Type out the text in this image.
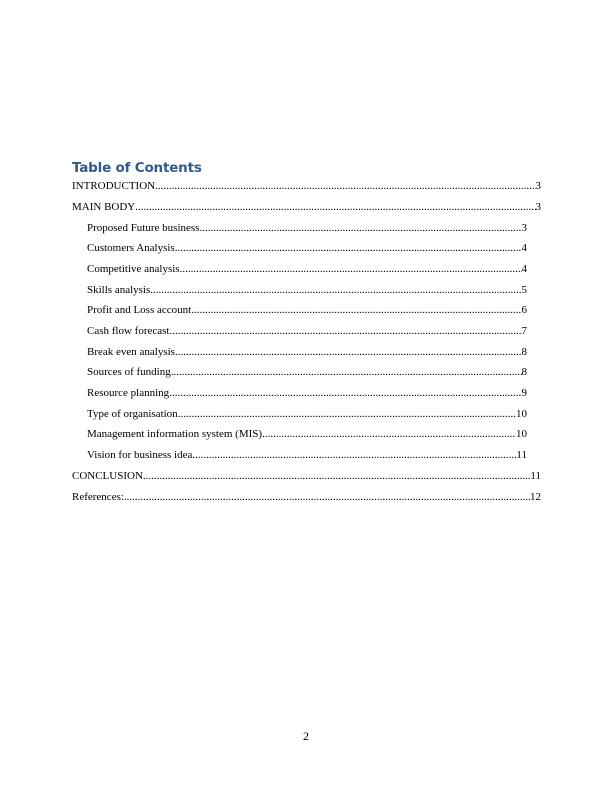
Table of Contents
INTRODUCTION .....	3
MAIN BODY .....	3
Proposed Future business .....	3
Customers Analysis .....	4
Competitive analysis .....	4
Skills analysis .....	5
Profit and Loss account .....	6
Cash flow forecast .....	7
Break even analysis .....	8
Sources of funding .....	8
Resource planning .....	9
Type of organisation .....	10
Management information system (MIS) .....	10
Vision for business idea .....	11
CONCLUSION .....	11
References: .....	12
2
